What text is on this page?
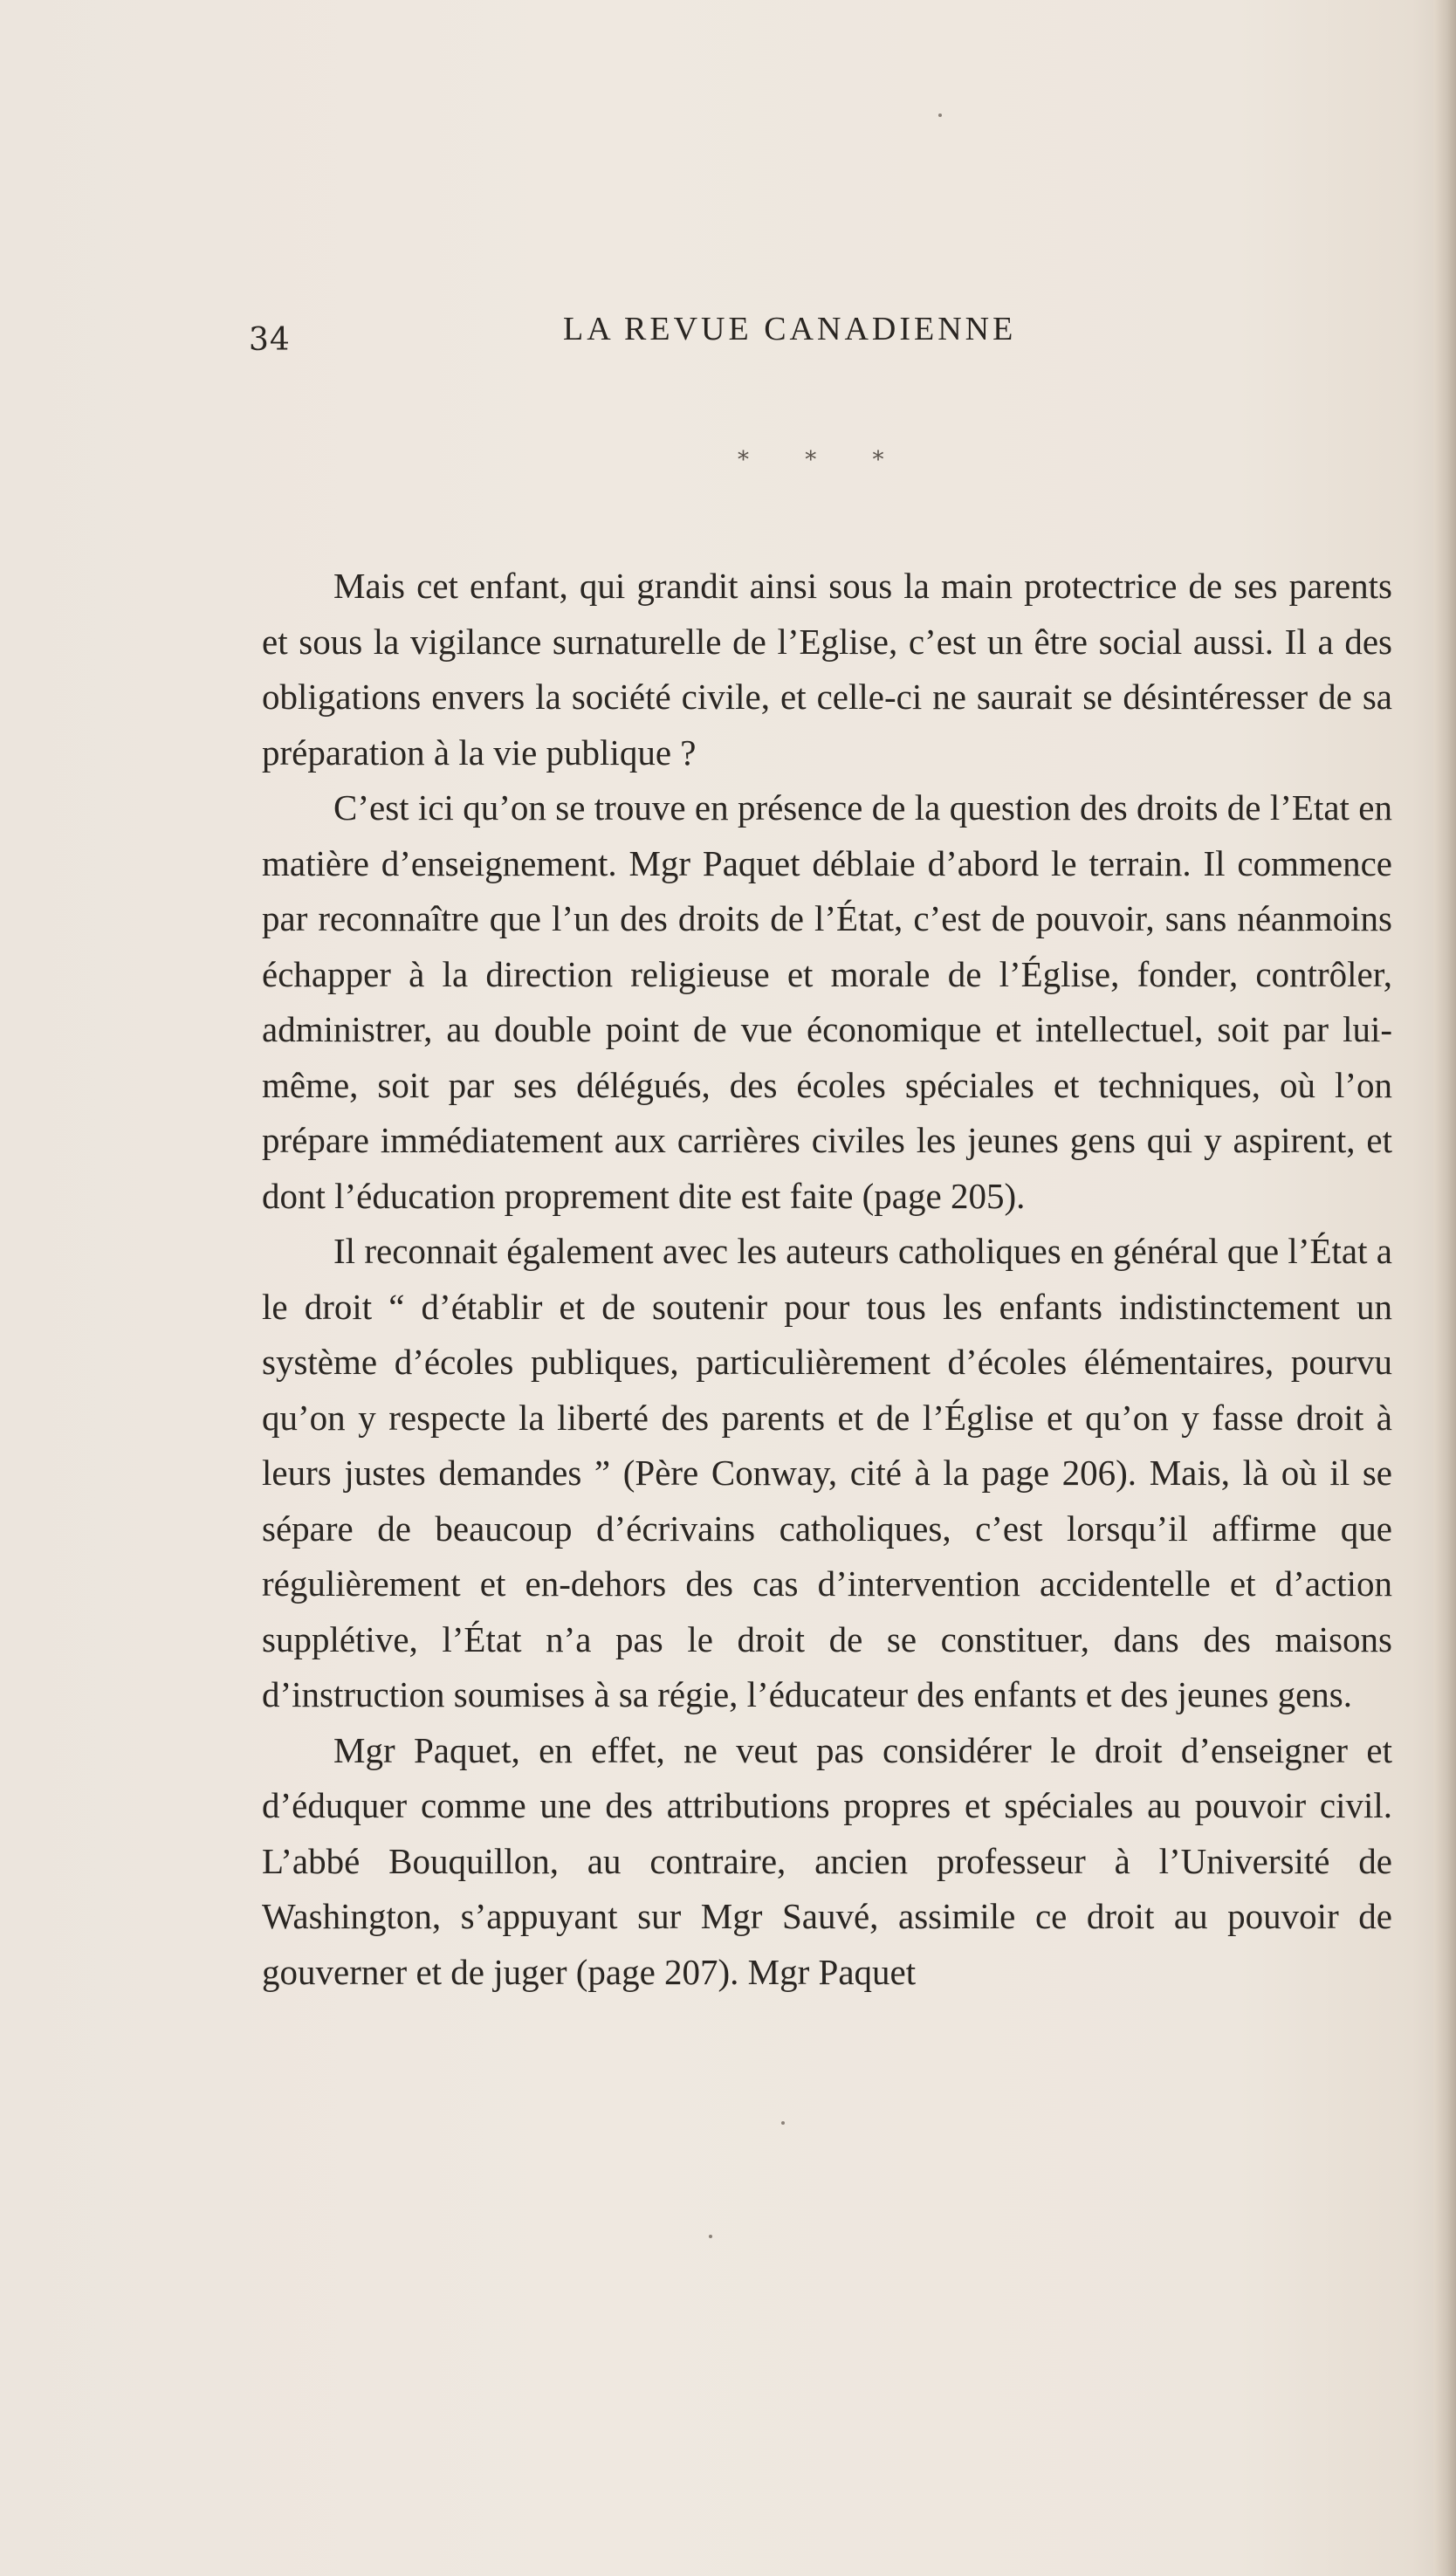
34	LA REVUE CANADIENNE
* * *

Mais cet enfant, qui grandit ainsi sous la main protectrice de ses parents et sous la vigilance surnaturelle de l’Eglise, c’est un être social aussi. Il a des obligations envers la société civile, et celle-ci ne saurait se désintéresser de sa préparation à la vie publique ?

C’est ici qu’on se trouve en présence de la question des droits de l’Etat en matière d’enseignement. Mgr Paquet déblaie d’abord le terrain. Il commence par reconnaître que l’un des droits de l’État, c’est de pouvoir, sans néanmoins échapper à la direction religieuse et morale de l’Église, fonder, contrôler, administrer, au double point de vue économique et intellectuel, soit par lui-même, soit par ses délégués, des écoles spéciales et techniques, où l’on prépare immédiatement aux carrières civiles les jeunes gens qui y aspirent, et dont l’éducation proprement dite est faite (page 205).

Il reconnait également avec les auteurs catholiques en général que l’État a le droit “ d’établir et de soutenir pour tous les enfants indistinctement un système d’écoles publiques, particulièrement d’écoles élémentaires, pourvu qu’on y respecte la liberté des parents et de l’Église et qu’on y fasse droit à leurs justes demandes ” (Père Conway, cité à la page 206). Mais, là où il se sépare de beaucoup d’écrivains catholiques, c’est lorsqu’il affirme que régulièrement et en-dehors des cas d’intervention accidentelle et d’action supplétive, l’État n’a pas le droit de se constituer, dans des maisons d’instruction soumises à sa régie, l’éducateur des enfants et des jeunes gens.

Mgr Paquet, en effet, ne veut pas considérer le droit d’enseigner et d’éduquer comme une des attributions propres et spéciales au pouvoir civil. L’abbé Bouquillon, au contraire, ancien professeur à l’Université de Washington, s’appuyant sur Mgr Sauvé, assimile ce droit au pouvoir de gouverner et de juger (page 207). Mgr Paquet
